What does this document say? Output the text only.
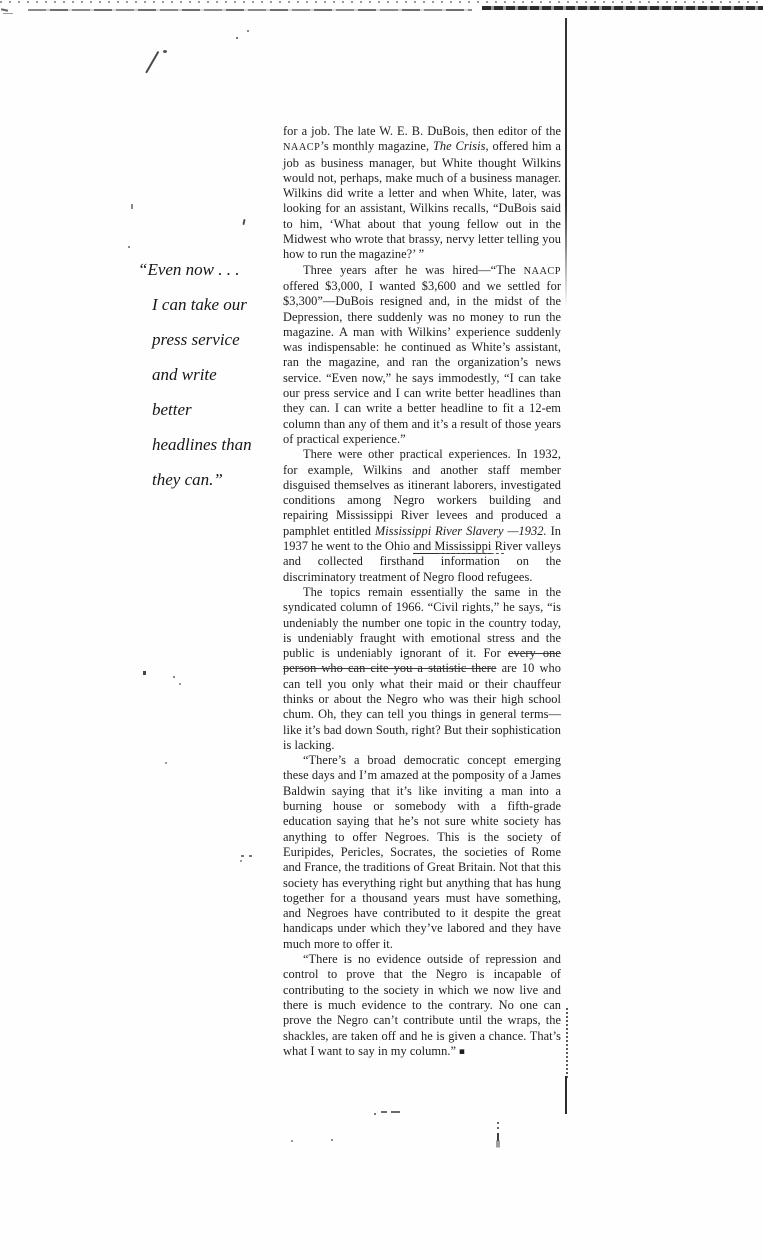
“Even now . . .
I can take our
press service
and write
better
headlines than
they can.”

for a job. The late W. E. B. DuBois, then editor of the NAACP’s monthly magazine, The Crisis, offered him a job as business manager, but White thought Wilkins would not, perhaps, make much of a business manager. Wilkins did write a letter and when White, later, was looking for an assistant, Wilkins recalls, “DuBois said to him, ‘What about that young fellow out in the Midwest who wrote that brassy, nervy letter telling you how to run the magazine?’ ”

Three years after he was hired—“The NAACP offered $3,000, I wanted $3,600 and we settled for $3,300”—DuBois resigned and, in the midst of the Depression, there suddenly was no money to run the magazine. A man with Wilkins’ experience suddenly was indispensable: he continued as White’s assistant, ran the magazine, and ran the organization’s news service. “Even now,” he says immodestly, “I can take our press service and I can write better headlines than they can. I can write a better headline to fit a 12-em column than any of them and it’s a result of those years of practical experience.”

There were other practical experiences. In 1932, for example, Wilkins and another staff member disguised themselves as itinerant laborers, investigated conditions among Negro workers building and repairing Mississippi River levees and produced a pamphlet entitled Mississippi River Slavery —1932. In 1937 he went to the Ohio and Mississippi River valleys and collected firsthand information on the discriminatory treatment of Negro flood refugees.

The topics remain essentially the same in the syndicated column of 1966. “Civil rights,” he says, “is undeniably the number one topic in the country today, is undeniably fraught with emotional stress and the public is undeniably ignorant of it. For every one person who can cite you a statistic there are 10 who can tell you only what their maid or their chauffeur thinks or about the Negro who was their high school chum. Oh, they can tell you things in general terms—like it’s bad down South, right? But their sophistication is lacking.

“There’s a broad democratic concept emerging these days and I’m amazed at the pomposity of a James Baldwin saying that it’s like inviting a man into a burning house or somebody with a fifth-grade education saying that he’s not sure white society has anything to offer Negroes. This is the society of Euripides, Pericles, Socrates, the societies of Rome and France, the traditions of Great Britain. Not that this society has everything right but anything that has hung together for a thousand years must have something, and Negroes have contributed to it despite the great handicaps under which they’ve labored and they have much more to offer it.

“There is no evidence outside of repression and control to prove that the Negro is incapable of contributing to the society in which we now live and there is much evidence to the contrary. No one can prove the Negro can’t contribute until the wraps, the shackles, are taken off and he is given a chance. That’s what I want to say in my column.” ■
